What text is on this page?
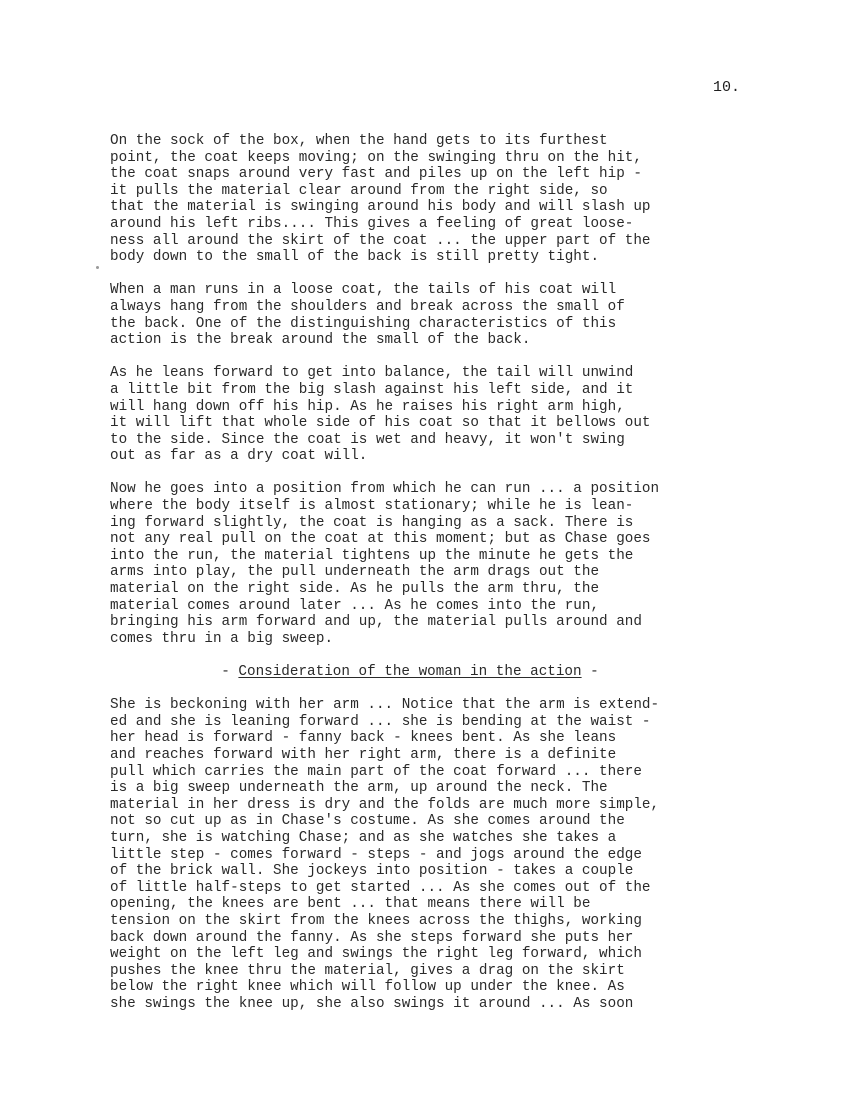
10.
On the sock of the box, when the hand gets to its furthest
point, the coat keeps moving; on the swinging thru on the hit,
the coat snaps around very fast and piles up on the left hip -
it pulls the material clear around from the right side, so
that the material is swinging around his body and will slash up
around his left ribs.... This gives a feeling of great loose-
ness all around the skirt of the coat ... the upper part of the
body down to the small of the back is still pretty tight.
When a man runs in a loose coat, the tails of his coat will
always hang from the shoulders and break across the small of
the back. One of the distinguishing characteristics of this
action is the break around the small of the back.
As he leans forward to get into balance, the tail will unwind
a little bit from the big slash against his left side, and it
will hang down off his hip. As he raises his right arm high,
it will lift that whole side of his coat so that it bellows out
to the side. Since the coat is wet and heavy, it won't swing
out as far as a dry coat will.
Now he goes into a position from which he can run ... a position
where the body itself is almost stationary; while he is lean-
ing forward slightly, the coat is hanging as a sack. There is
not any real pull on the coat at this moment; but as Chase goes
into the run, the material tightens up the minute he gets the
arms into play, the pull underneath the arm drags out the
material on the right side. As he pulls the arm thru, the
material comes around later ... As he comes into the run,
bringing his arm forward and up, the material pulls around and
comes thru in a big sweep.
- Consideration of the woman in the action -
She is beckoning with her arm ... Notice that the arm is extend-
ed and she is leaning forward ... she is bending at the waist -
her head is forward - fanny back - knees bent. As she leans
and reaches forward with her right arm, there is a definite
pull which carries the main part of the coat forward ... there
is a big sweep underneath the arm, up around the neck. The
material in her dress is dry and the folds are much more simple,
not so cut up as in Chase's costume. As she comes around the
turn, she is watching Chase; and as she watches she takes a
little step - comes forward - steps - and jogs around the edge
of the brick wall. She jockeys into position - takes a couple
of little half-steps to get started ... As she comes out of the
opening, the knees are bent ... that means there will be
tension on the skirt from the knees across the thighs, working
back down around the fanny. As she steps forward she puts her
weight on the left leg and swings the right leg forward, which
pushes the knee thru the material, gives a drag on the skirt
below the right knee which will follow up under the knee. As
she swings the knee up, she also swings it around ... As soon
